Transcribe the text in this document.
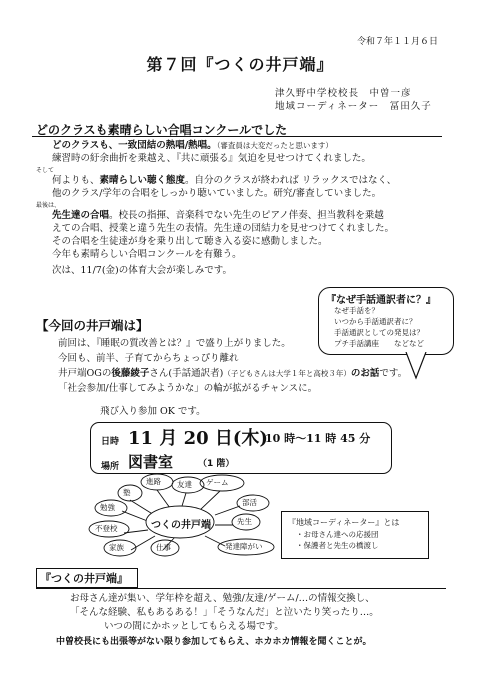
令和７年１１月６日
第７回『つくの井戸端』
津久野中学校校長　中曽一彦
地域コーディネーター　冨田久子
どのクラスも素晴らしい合唱コンクールでした
どのクラスも、一致団結の熱唱/熱唱。（審査員は大変だったと思います）
練習時の紆余曲折を乗越え、『共に頑張る』気迫を見せつけてくれました。
そして
何よりも、素晴らしい聴く態度。自分のクラスが終われば リラックスではなく、
他のクラス/学年の合唱をしっかり聴いていました。研究/審査していました。
最後は、
先生達の合唱。校長の指揮、音楽科でない先生のピアノ伴奏、担当教科を乗越
えての合唱、授業と違う先生の表情。先生達の団結力を見せつけてくれました。
その合唱を生徒達が身を乗り出して聴き入る姿に感動しました。
今年も素晴らしい合唱コンクールを有難う。
次は、11/7(金)の体育大会が楽しみです。
『なぜ手話通訳者に？』
なぜ手話を？
いつから手話通訳者に？
手話通訳としての発見は？
プチ手話講座　　などなど
【今回の井戸端は】
前回は、『睡眠の質改善とは？』で盛り上がりました。
今回も、前半、子育てからちょっぴり離れ
井戸端OGの後藤綾子さん(手話通訳者)（子どもさんは大学１年と高校３年）のお話です。
「社会参加/仕事してみようかな」の輪が拡がるチャンスに。
飛び入り参加 OK です。
日時 11 月 20 日(木)
10 時〜11 時 45 分
場所 図書室	（1 階）
つくの井戸端
塾
進路 友達 ゲーム
勉強
部活
不登校
先生
家族	仕事	発達障がい
『地域コーディネーター』とは
・お母さん達への応援団
・保護者と先生の橋渡し
『つくの井戸端』
お母さん達が集い、学年枠を超え、勉強/友達/ゲーム/…の情報交換し、
「そんな経験、私もあるある！」「そうなんだ」と泣いたり笑ったり…。
いつの間にかホッとしてもらえる場です。
中曽校長にも出張等がない限り参加してもらえ、ホカホカ情報を聞くことが。
